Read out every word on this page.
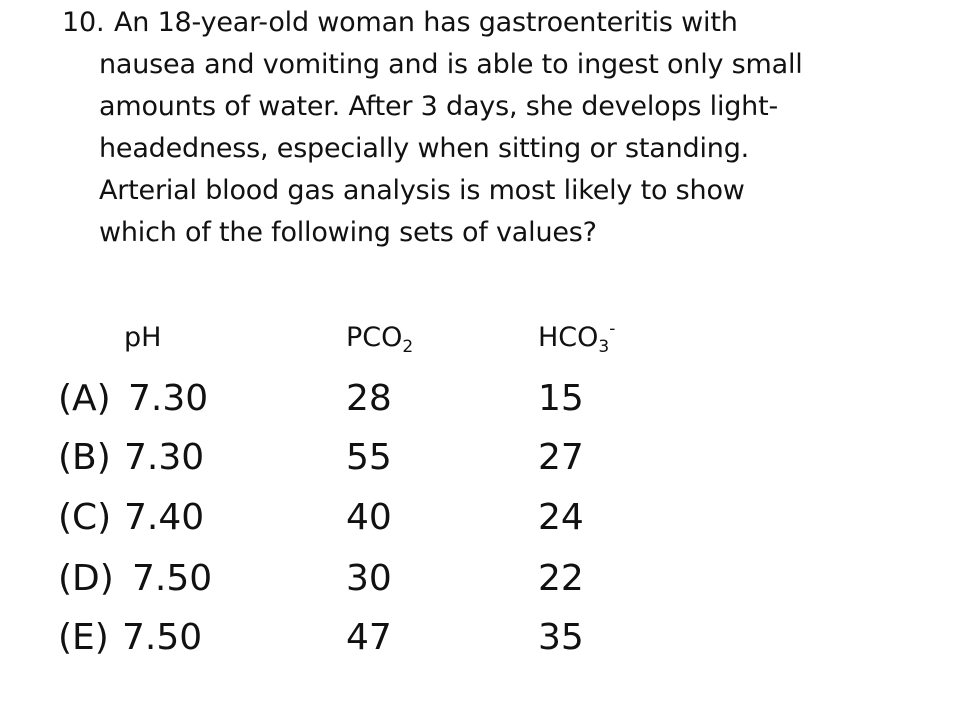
10. An 18-year-old woman has gastroenteritis with
nausea and vomiting and is able to ingest only small
amounts of water. After 3 days, she develops light-
headedness, especially when sitting or standing.
Arterial blood gas analysis is most likely to show
which of the following sets of values?
pH	$PCO_2$	$HCO_3^-$
(A) 7.30	28	15
(B) 7.30	55	27
(C) 7.40	40	24
(D) 7.50	30	22
(E) 7.50	47	35
